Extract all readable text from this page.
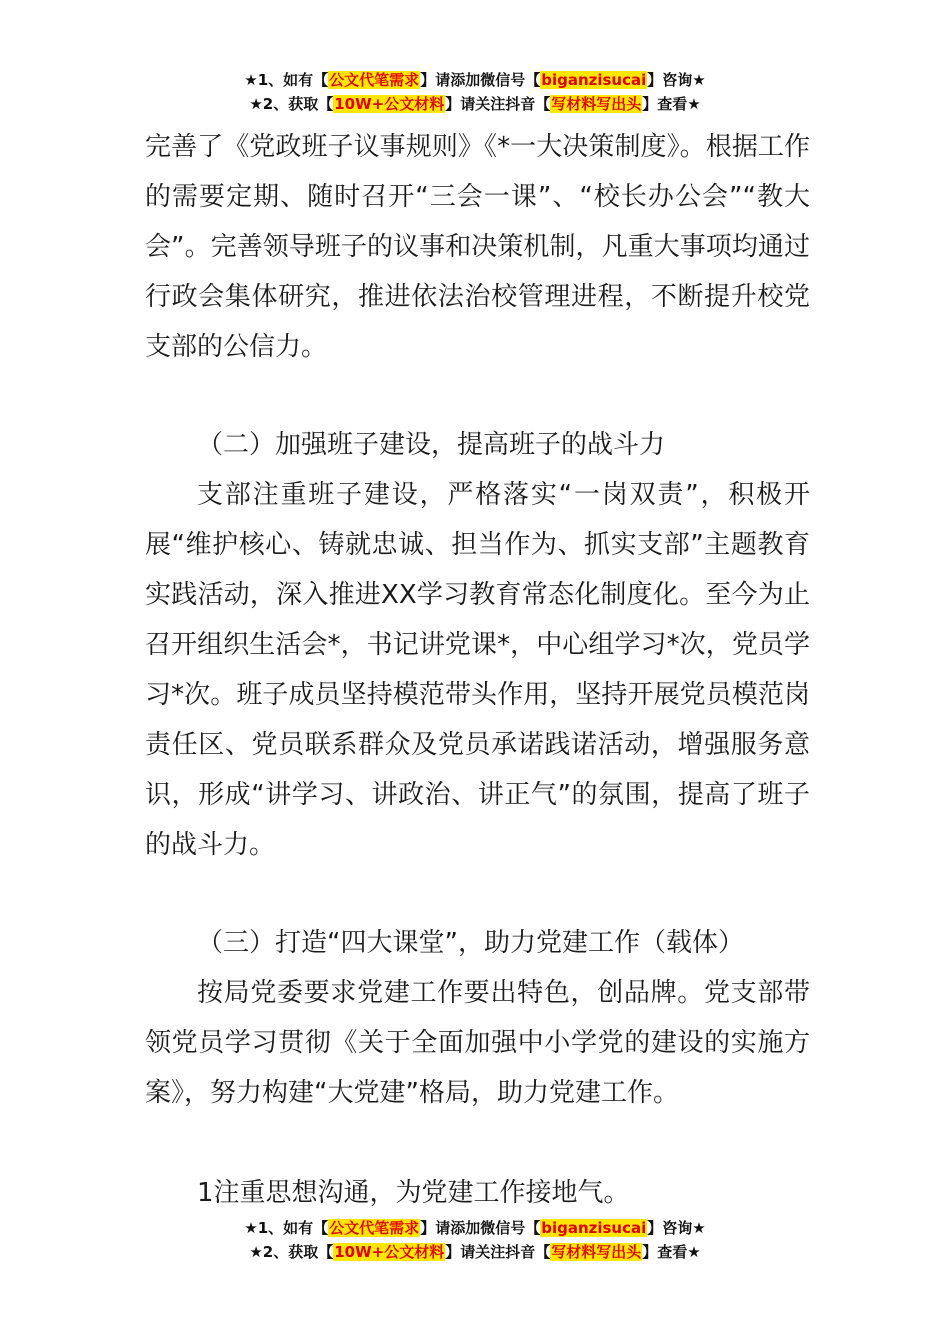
★1、如有【公文代笔需求】请添加微信号【biganzisucai】咨询★
★2、获取【10W+公文材料】请关注抖音【写材料写出头】查看★

完善了《党政班子议事规则》《*一大决策制度》。根据工作的需要定期、随时召开“三会一课”、“校长办公会”“教大会”。完善领导班子的议事和决策机制，凡重大事项均通过行政会集体研究，推进依法治校管理进程，不断提升校党支部的公信力。

（二）加强班子建设，提高班子的战斗力

支部注重班子建设，严格落实“一岗双责”，积极开展“维护核心、铸就忠诚、担当作为、抓实支部”主题教育实践活动，深入推进XX学习教育常态化制度化。至今为止召开组织生活会*，书记讲党课*，中心组学习*次，党员学习*次。班子成员坚持模范带头作用，坚持开展党员模范岗责任区、党员联系群众及党员承诺践诺活动，增强服务意识，形成“讲学习、讲政治、讲正气”的氛围，提高了班子的战斗力。

（三）打造“四大课堂”，助力党建工作（载体）

按局党委要求党建工作要出特色，创品牌。党支部带领党员学习贯彻《关于全面加强中小学党的建设的实施方案》，努力构建“大党建”格局，助力党建工作。

1注重思想沟通，为党建工作接地气。

★1、如有【公文代笔需求】请添加微信号【biganzisucai】咨询★
★2、获取【10W+公文材料】请关注抖音【写材料写出头】查看★
